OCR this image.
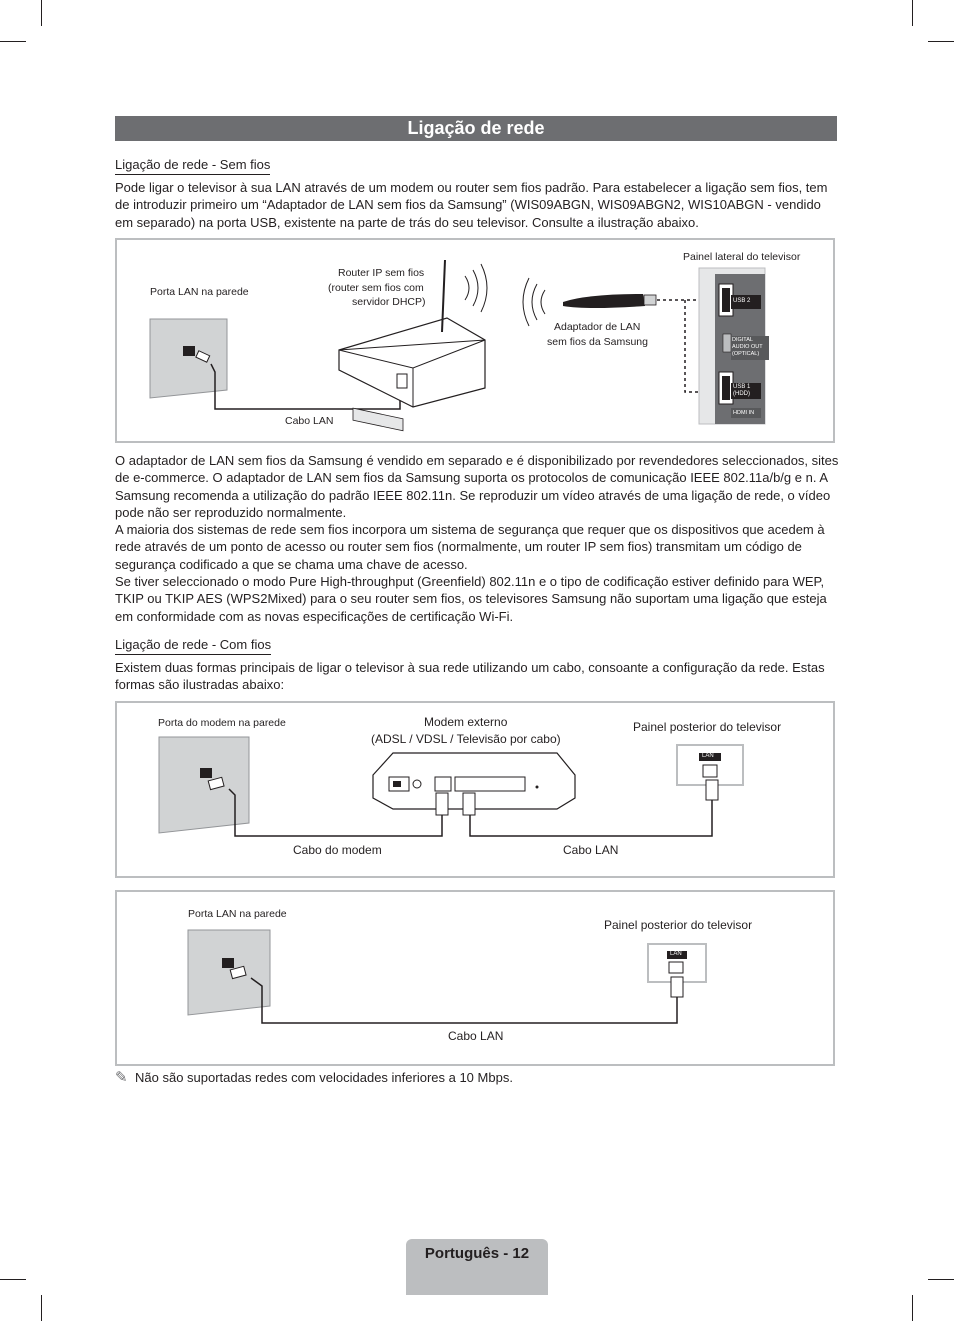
Ligação de rede
Ligação de rede - Sem fios

Pode ligar o televisor à sua LAN através de um modem ou router sem fios padrão. Para estabelecer a ligação sem fios, tem de introduzir primeiro um “Adaptador de LAN sem fios da Samsung” (WIS09ABGN, WIS09ABGN2, WIS10ABGN - vendido em separado) na porta USB, existente na parte de trás do seu televisor. Consulte a ilustração abaixo.

Porta LAN na parede
Router IP sem fios
(router sem fios com
servidor DHCP)
Adaptador de LAN
sem fios da Samsung
Painel lateral do televisor
Cabo LAN
USB 2
DIGITAL
AUDIO OUT
(OPTICAL)
USB 1
(HDD)
HDMI IN

O adaptador de LAN sem fios da Samsung é vendido em separado e é disponibilizado por revendedores seleccionados, sites de e-commerce. O adaptador de LAN sem fios da Samsung suporta os protocolos de comunicação IEEE 802.11a/b/g e n. A Samsung recomenda a utilização do padrão IEEE 802.11n. Se reproduzir um vídeo através de uma ligação de rede, o vídeo pode não ser reproduzido normalmente.

A maioria dos sistemas de rede sem fios incorpora um sistema de segurança que requer que os dispositivos que acedem à rede através de um ponto de acesso ou router sem fios (normalmente, um router IP sem fios) transmitam um código de segurança codificado a que se chama uma chave de acesso.

Se tiver seleccionado o modo Pure High-throughput (Greenfield) 802.11n e o tipo de codificação estiver definido para WEP, TKIP ou TKIP AES (WPS2Mixed) para o seu router sem fios, os televisores Samsung não suportam uma ligação que esteja em conformidade com as novas especificações de certificação Wi-Fi.

Ligação de rede - Com fios

Existem duas formas principais de ligar o televisor à sua rede utilizando um cabo, consoante a configuração da rede. Estas formas são ilustradas abaixo:

Porta do modem na parede	Modem externo
(ADSL / VDSL / Televisão por cabo)
Painel posterior do televisor
LAN
Cabo do modem	Cabo LAN
Porta LAN na parede
Painel posterior do televisor
LAN
Cabo LAN
✎ Não são suportadas redes com velocidades inferiores a 10 Mbps.
Português - 12
